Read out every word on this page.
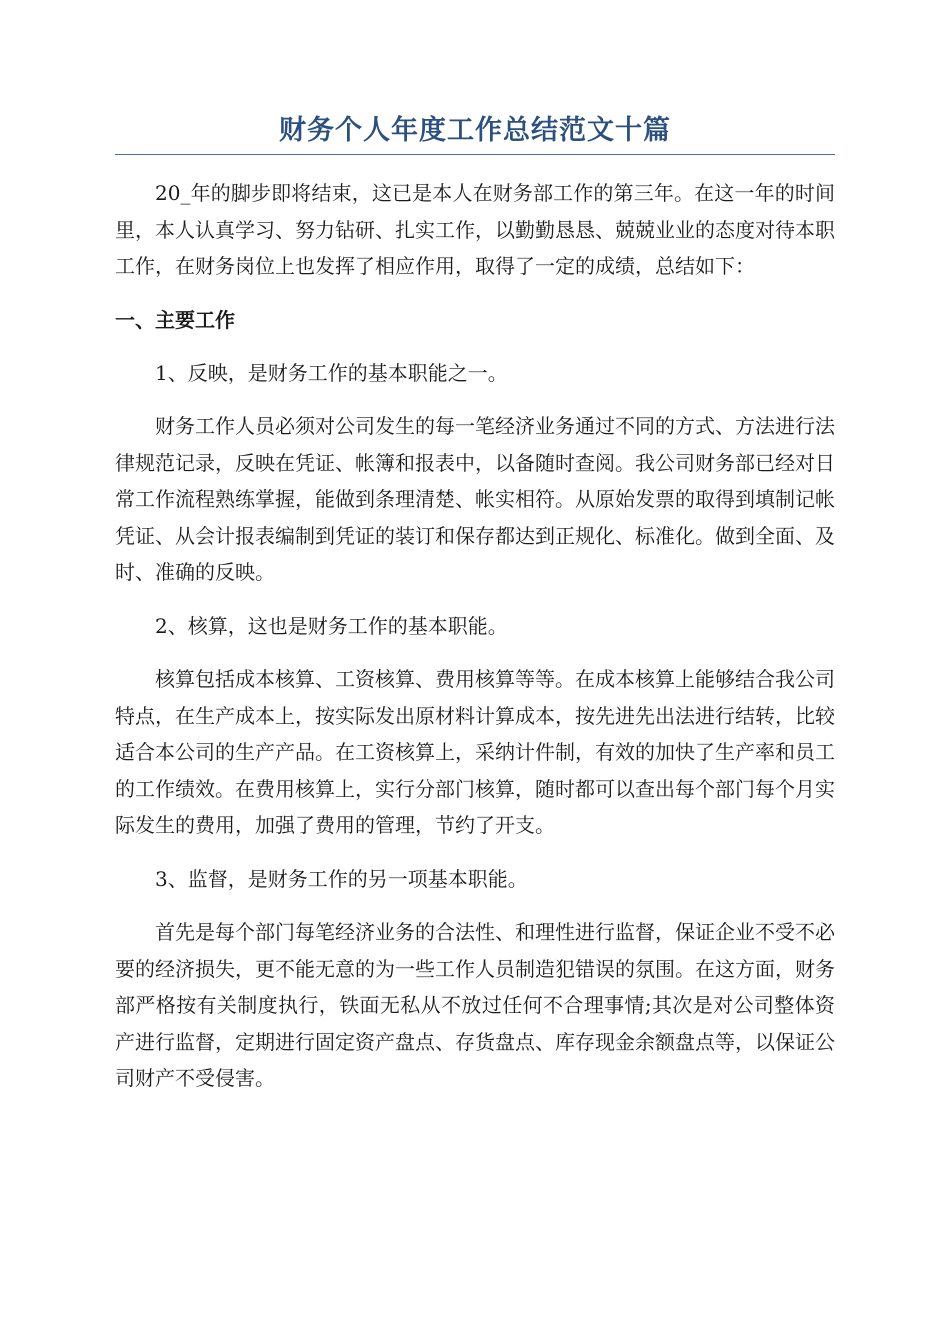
财务个人年度工作总结范文十篇

20_年的脚步即将结束，这已是本人在财务部工作的第三年。在这一年的时间里，本人认真学习、努力钻研、扎实工作，以勤勤恳恳、兢兢业业的态度对待本职工作，在财务岗位上也发挥了相应作用，取得了一定的成绩，总结如下：

一、主要工作

1、反映，是财务工作的基本职能之一。

财务工作人员必须对公司发生的每一笔经济业务通过不同的方式、方法进行法律规范记录，反映在凭证、帐簿和报表中，以备随时查阅。我公司财务部已经对日常工作流程熟练掌握，能做到条理清楚、帐实相符。从原始发票的取得到填制记帐凭证、从会计报表编制到凭证的装订和保存都达到正规化、标准化。做到全面、及时、准确的反映。

2、核算，这也是财务工作的基本职能。

核算包括成本核算、工资核算、费用核算等等。在成本核算上能够结合我公司特点，在生产成本上，按实际发出原材料计算成本，按先进先出法进行结转，比较适合本公司的生产产品。在工资核算上，采纳计件制，有效的加快了生产率和员工的工作绩效。在费用核算上，实行分部门核算，随时都可以查出每个部门每个月实际发生的费用，加强了费用的管理，节约了开支。

3、监督，是财务工作的另一项基本职能。

首先是每个部门每笔经济业务的合法性、和理性进行监督，保证企业不受不必要的经济损失，更不能无意的为一些工作人员制造犯错误的氛围。在这方面，财务部严格按有关制度执行，铁面无私从不放过任何不合理事情;其次是对公司整体资产进行监督，定期进行固定资产盘点、存货盘点、库存现金余额盘点等，以保证公司财产不受侵害。
